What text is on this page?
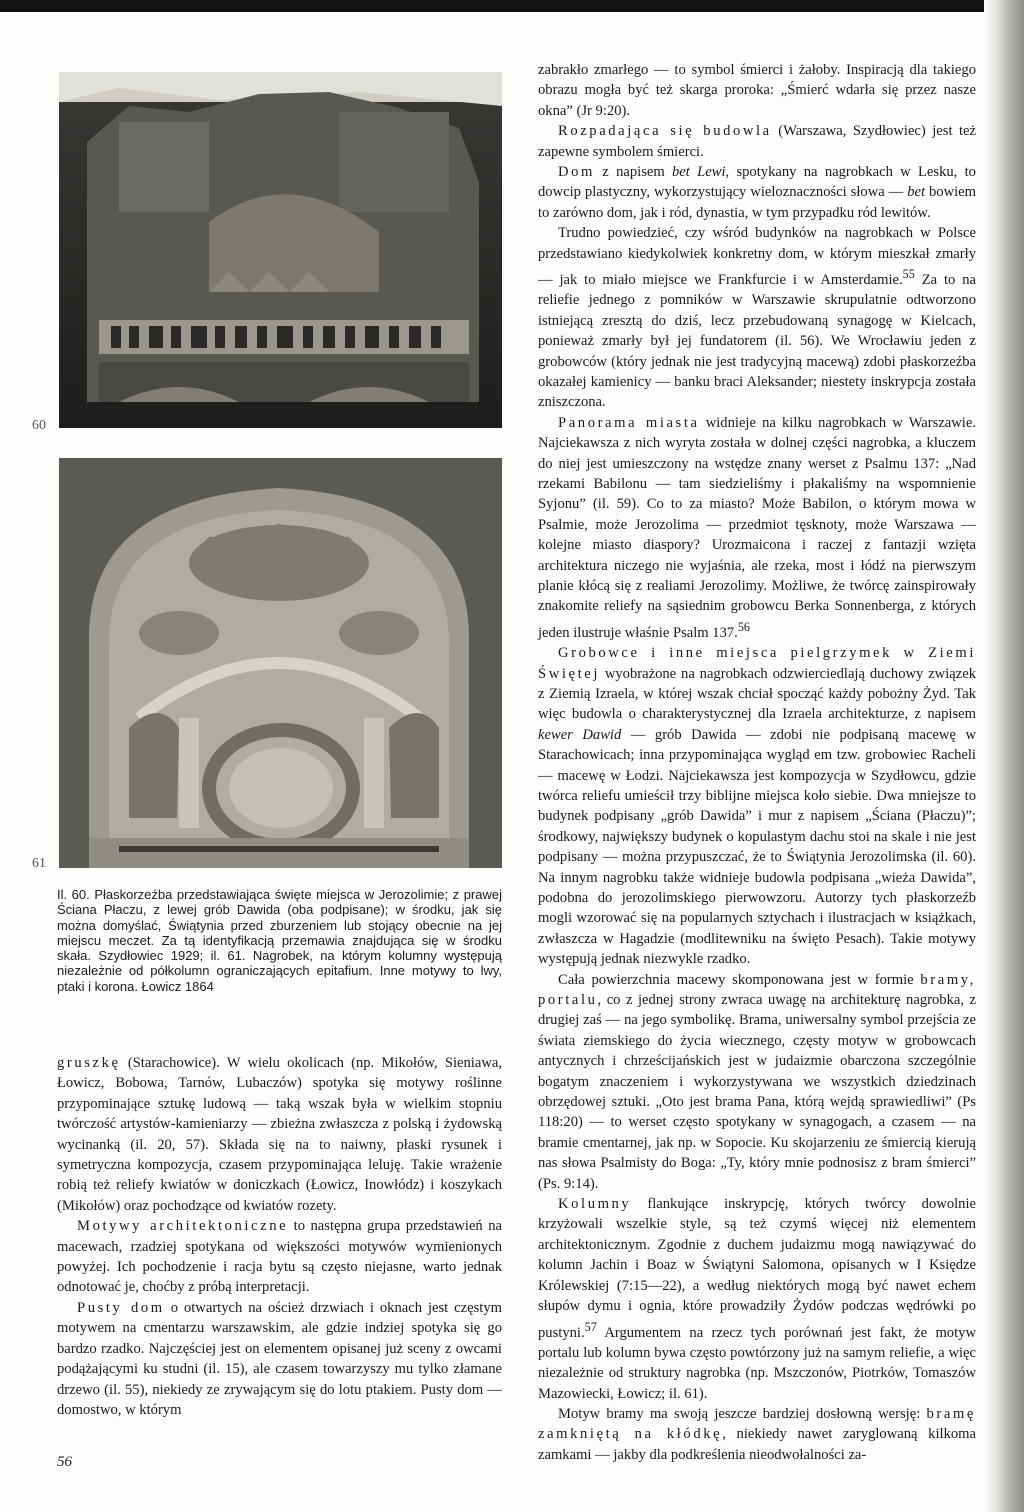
60
61

Il. 60. Płaskorzeźba przedstawiająca święte miejsca w Jerozolimie; z prawej Ściana Płaczu, z lewej grób Dawida (oba podpisane); w środku, jak się można domyślać, Świątynia przed zburzeniem lub stojący obecnie na jej miejscu meczet. Za tą identyfikacją przemawia znajdująca się w środku skała. Szydłowiec 1929; il. 61. Nagrobek, na którym kolumny występują niezależnie od półkolumn ograniczających epitafium. Inne motywy to lwy, ptaki i korona. Łowicz 1864

gruszkę (Starachowice). W wielu okolicach (np. Mikołów, Sieniawa, Łowicz, Bobowa, Tarnów, Lubaczów) spotyka się motywy roślinne przypominające sztukę ludową — taką wszak była w wielkim stopniu twórczość artystów-kamieniarzy — zbieżna zwłaszcza z polską i żydowską wycinanką (il. 20, 57). Składa się na to naiwny, płaski rysunek i symetryczna kompozycja, czasem przypominająca leluję. Takie wrażenie robią też reliefy kwiatów w doniczkach (Łowicz, Inowłódz) i koszykach (Mikołów) oraz pochodzące od kwiatów rozety.

Motywy architektoniczne to następna grupa przedstawień na macewach, rzadziej spotykana od większości motywów wymienionych powyżej. Ich pochodzenie i racja bytu są często niejasne, warto jednak odnotować je, choćby z próbą interpretacji.

Pusty dom o otwartych na oścież drzwiach i oknach jest częstym motywem na cmentarzu warszawskim, ale gdzie indziej spotyka się go bardzo rzadko. Najczęściej jest on elementem opisanej już sceny z owcami podążającymi ku studni (il. 15), ale czasem towarzyszy mu tylko złamane drzewo (il. 55), niekiedy ze zrywającym się do lotu ptakiem. Pusty dom — domostwo, w którym

zabrakło zmarłego — to symbol śmierci i żałoby. Inspiracją dla takiego obrazu mogła być też skarga proroka: „Śmierć wdarła się przez nasze okna” (Jr 9:20).

Rozpadająca się budowla (Warszawa, Szydłowiec) jest też zapewne symbolem śmierci.

Dom z napisem bet Lewi, spotykany na nagrobkach w Lesku, to dowcip plastyczny, wykorzystujący wieloznaczności słowa — bet bowiem to zarówno dom, jak i ród, dynastia, w tym przypadku ród lewitów.

Trudno powiedzieć, czy wśród budynków na nagrobkach w Polsce przedstawiano kiedykolwiek konkretny dom, w którym mieszkał zmarły — jak to miało miejsce we Frankfurcie i w Amsterdamie.$^{55}$ Za to na reliefie jednego z pomników w Warszawie skrupulatnie odtworzono istniejącą zresztą do dziś, lecz przebudowaną synagogę w Kielcach, ponieważ zmarły był jej fundatorem (il. 56). We Wrocławiu jeden z grobowców (który jednak nie jest tradycyjną macewą) zdobi płaskorzeźba okazałej kamienicy — banku braci Aleksander; niestety inskrypcja została zniszczona.

Panorama miasta widnieje na kilku nagrobkach w Warszawie. Najciekawsza z nich wyryta została w dolnej części nagrobka, a kluczem do niej jest umieszczony na wstędze znany werset z Psalmu 137: „Nad rzekami Babilonu — tam siedzieliśmy i płakaliśmy na wspomnienie Syjonu” (il. 59). Co to za miasto? Może Babilon, o którym mowa w Psalmie, może Jerozolima — przedmiot tęsknoty, może Warszawa — kolejne miasto diaspory? Urozmaicona i raczej z fantazji wzięta architektura niczego nie wyjaśnia, ale rzeka, most i łódź na pierwszym planie kłócą się z realiami Jerozolimy. Możliwe, że twórcę zainspirowały znakomite reliefy na sąsiednim grobowcu Berka Sonnenberga, z których jeden ilustruje właśnie Psalm 137.56

Grobowce i inne miejsca pielgrzymek w Ziemi Świętej wyobrażone na nagrobkach odzwierciedlają duchowy związek z Ziemią Izraela, w której wszak chciał spocząć każdy pobożny Żyd. Tak więc budowla o charakterystycznej dla Izraela architekturze, z napisem kewer Dawid — grób Dawida — zdobi nie podpisaną macewę w Starachowicach; inna przypominająca wygląd em tzw. grobowiec Racheli — macewę w Łodzi. Najciekawsza jest kompozycja w Szydłowcu, gdzie twórca reliefu umieścił trzy biblijne miejsca koło siebie. Dwa mniejsze to budynek podpisany „grób Dawida” i mur z napisem „Ściana (Płaczu)”; środkowy, największy budynek o kopulastym dachu stoi na skale i nie jest podpisany — można przypuszczać, że to Świątynia Jerozolimska (il. 60). Na innym nagrobku także widnieje budowla podpisana „wieża Dawida”, podobna do jerozolimskiego pierwowzoru. Autorzy tych płaskorzeźb mogli wzorować się na popularnych sztychach i ilustracjach w książkach, zwłaszcza w Hagadzie (modlitewniku na święto Pesach). Takie motywy występują jednak niezwykle rzadko.

Cała powierzchnia macewy skomponowana jest w formie bramy, portalu, co z jednej strony zwraca uwagę na architekturę nagrobka, z drugiej zaś — na jego symbolikę. Brama, uniwersalny symbol przejścia ze świata ziemskiego do życia wiecznego, częsty motyw w grobowcach antycznych i chrześcijańskich jest w judaizmie obarczona szczególnie bogatym znaczeniem i wykorzystywana we wszystkich dziedzinach obrzędowej sztuki. „Oto jest brama Pana, którą wejdą sprawiedliwi” (Ps 118:20) — to werset często spotykany w synagogach, a czasem — na bramie cmentarnej, jak np. w Sopocie. Ku skojarzeniu ze śmiercią kierują nas słowa Psalmisty do Boga: „Ty, który mnie podnosisz z bram śmierci” (Ps. 9:14).

Kolumny flankujące inskrypcję, których twórcy dowolnie krzyżowali wszelkie style, są też czymś więcej niż elementem architektonicznym. Zgodnie z duchem judaizmu mogą nawiązywać do kolumn Jachin i Boaz w Świątyni Salomona, opisanych w I Księdze Królewskiej (7:15—22), a według niektórych mogą być nawet echem słupów dymu i ognia, które prowadziły Żydów podczas wędrówki po pustyni.$^{57}$ Argumentem na rzecz tych porównań jest fakt, że motyw portalu lub kolumn bywa często powtórzony już na samym reliefie, a więc niezależnie od struktury nagrobka (np. Mszczonów, Piotrków, Tomaszów Mazowiecki, Łowicz; il. 61).

Motyw bramy ma swoją jeszcze bardziej dosłowną wersję: bramę zamkniętą na kłódkę, niekiedy nawet zaryglowaną kilkoma zamkami — jakby dla podkreślenia nieodwołalności za-

56
